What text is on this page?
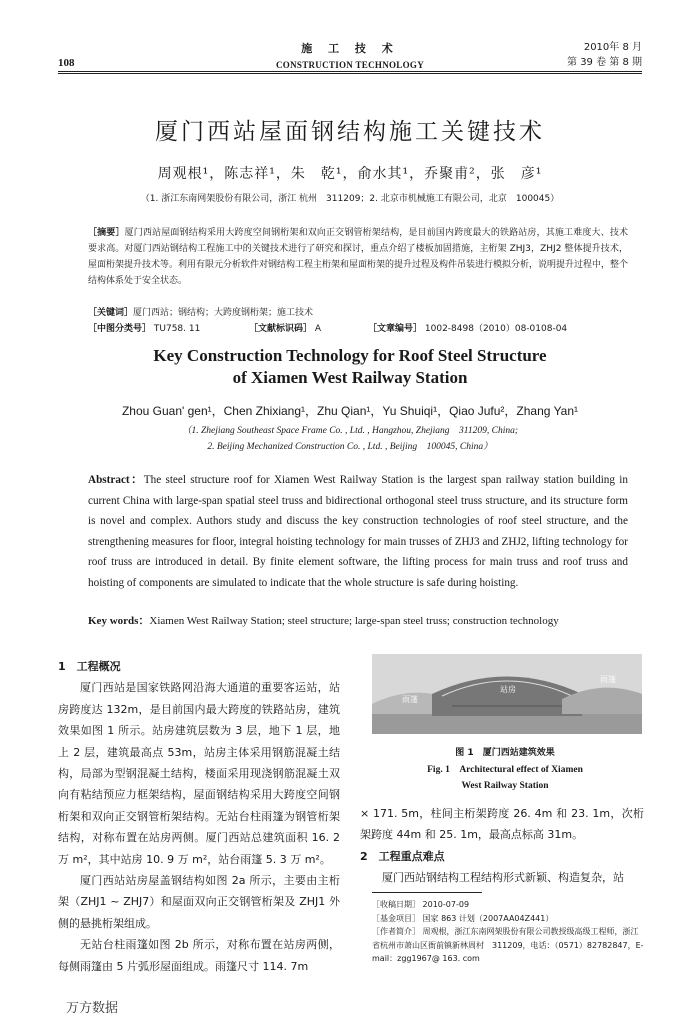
108
施 工 技 术
CONSTRUCTION TECHNOLOGY
2010年 8 月
第 39 卷 第 8 期
厦门西站屋面钢结构施工关键技术
周观根¹，陈志祥¹，朱　乾¹，俞水其¹，乔聚甫²，张　彦¹
（1. 浙江东南网架股份有限公司，浙江 杭州　311209；2. 北京市机械施工有限公司，北京　100045）
［摘要］厦门西站屋面钢结构采用大跨度空间钢桁架和双向正交钢管桁架结构，是目前国内跨度最大的铁路站房，其施工难度大、技术要求高。对厦门西站钢结构工程施工中的关键技术进行了研究和探讨，重点介绍了楼板加固措施，主桁架 ZHJ3，ZHJ2 整体提升技术，屋面桁架提升技术等。利用有限元分析软件对钢结构工程主桁架和屋面桁架的提升过程及构件吊装进行模拟分析，说明提升过程中，整个结构体系处于安全状态。
［关键词］厦门西站；钢结构；大跨度钢桁架；施工技术
［中图分类号］ TU758. 11	［文献标识码］ A	［文章编号］ 1002-8498（2010）08-0108-04
Key Construction Technology for Roof Steel Structure
of Xiamen West Railway Station
Zhou Guan' gen¹，Chen Zhixiang¹，Zhu Qian¹，Yu Shuiqi¹，Qiao Jufu²，Zhang Yan¹
（1. Zhejiang Southeast Space Frame Co. , Ltd. , Hangzhou, Zhejiang　311209, China;
2. Beijing Mechanized Construction Co. , Ltd. , Beijing　100045, China）
Abstract：The steel structure roof for Xiamen West Railway Station is the largest span railway station building in current China with large-span spatial steel truss and bidirectional orthogonal steel truss structure, and its structure form is novel and complex. Authors study and discuss the key construction technologies of roof steel structure, and the strengthening measures for floor, integral hoisting technology for main trusses of ZHJ3 and ZHJ2, lifting technology for roof truss are introduced in detail. By finite element software, the lifting process for main truss and roof truss and hoisting of components are simulated to indicate that the whole structure is safe during hoisting.
Key words：Xiamen West Railway Station; steel structure; large-span steel truss; construction technology
1　工程概况

厦门西站是国家铁路网沿海大通道的重要客运站，站房跨度达 132m，是目前国内最大跨度的铁路站房，建筑效果如图 1 所示。站房建筑层数为 3 层，地下 1 层，地上 2 层，建筑最高点 53m，站房主体采用钢筋混凝土结构，局部为型钢混凝土结构，楼面采用现浇钢筋混凝土双向有粘结预应力框架结构，屋面钢结构采用大跨度空间钢桁架和双向正交钢管桁架结构。无站台柱雨篷为钢管桁架结构，对称布置在站房两侧。厦门西站总建筑面积 16. 2 万 m²，其中站房 10. 9 万 m²，站台雨篷 5. 3 万 m²。

厦门西站站房屋盖钢结构如图 2a 所示，主要由主桁架（ZHJ1 ~ ZHJ7）和屋面双向正交钢管桁架及 ZHJ1 外侧的悬挑桁架组成。

无站台柱雨篷如图 2b 所示，对称布置在站房两侧，每侧雨篷由 5 片弧形屋面组成。雨篷尺寸 114. 7m

站房
雨篷
雨篷
图 1　厦门西站建筑效果
Fig. 1　Architectural effect of Xiamen
West Railway Station

× 171. 5m，柱间主桁架跨度 26. 4m 和 23. 1m，次桁架跨度 44m 和 25. 1m，最高点标高 31m。

2　工程重点难点

厦门西站钢结构工程结构形式新颖、构造复杂，站

［收稿日期］ 2010-07-09
［基金项目］ 国家 863 计划（2007AA04Z441）
［作者简介］ 周观根，浙江东南网架股份有限公司教授级高级工程师，浙江省杭州市萧山区衙前镇新林周村　311209，电话：（0571）82782847，E-mail：zgg1967@ 163. com
万方数据
